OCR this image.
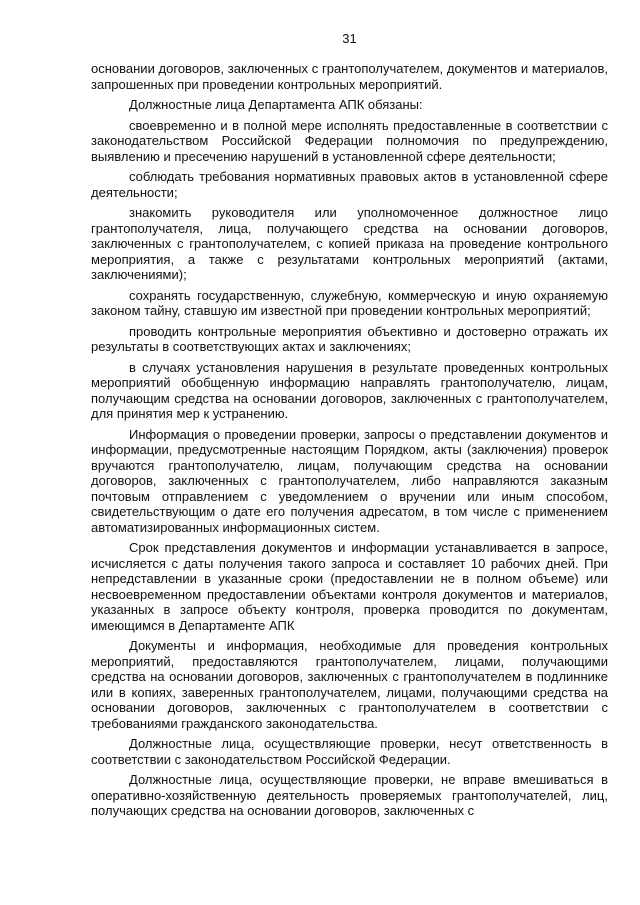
31

основании договоров, заключенных с грантополучателем, документов и материалов, запрошенных при проведении контрольных мероприятий.

Должностные лица Департамента АПК обязаны:

своевременно и в полной мере исполнять предоставленные в соответствии с законодательством Российской Федерации полномочия по предупреждению, выявлению и пресечению нарушений в установленной сфере деятельности;

соблюдать требования нормативных правовых актов в установленной сфере деятельности;

знакомить руководителя или уполномоченное должностное лицо грантополучателя, лица, получающего средства на основании договоров, заключенных с грантополучателем, с копией приказа на проведение контрольного мероприятия, а также с результатами контрольных мероприятий (актами, заключениями);

сохранять государственную, служебную, коммерческую и иную охраняемую законом тайну, ставшую им известной при проведении контрольных мероприятий;

проводить контрольные мероприятия объективно и достоверно отражать их результаты в соответствующих актах и заключениях;

в случаях установления нарушения в результате проведенных контрольных мероприятий обобщенную информацию направлять грантополучателю, лицам, получающим средства на основании договоров, заключенных с грантополучателем, для принятия мер к устранению.

Информация о проведении проверки, запросы о представлении документов и информации, предусмотренные настоящим Порядком, акты (заключения) проверок вручаются грантополучателю, лицам, получающим средства на основании договоров, заключенных с грантополучателем, либо направляются заказным почтовым отправлением с уведомлением о вручении или иным способом, свидетельствующим о дате его получения адресатом, в том числе с применением автоматизированных информационных систем.

Срок представления документов и информации устанавливается в запросе, исчисляется с даты получения такого запроса и составляет 10 рабочих дней. При непредставлении в указанные сроки (предоставлении не в полном объеме) или несвоевременном предоставлении объектами контроля документов и материалов, указанных в запросе объекту контроля, проверка проводится по документам, имеющимся в Департаменте АПК

Документы и информация, необходимые для проведения контрольных мероприятий, предоставляются грантополучателем, лицами, получающими средства на основании договоров, заключенных с грантополучателем в подлиннике или в копиях, заверенных грантополучателем, лицами, получающими средства на основании договоров, заключенных с грантополучателем в соответствии с требованиями гражданского законодательства.

Должностные лица, осуществляющие проверки, несут ответственность в соответствии с законодательством Российской Федерации.

Должностные лица, осуществляющие проверки, не вправе вмешиваться в оперативно-хозяйственную деятельность проверяемых грантополучателей, лиц, получающих средства на основании договоров, заключенных с
